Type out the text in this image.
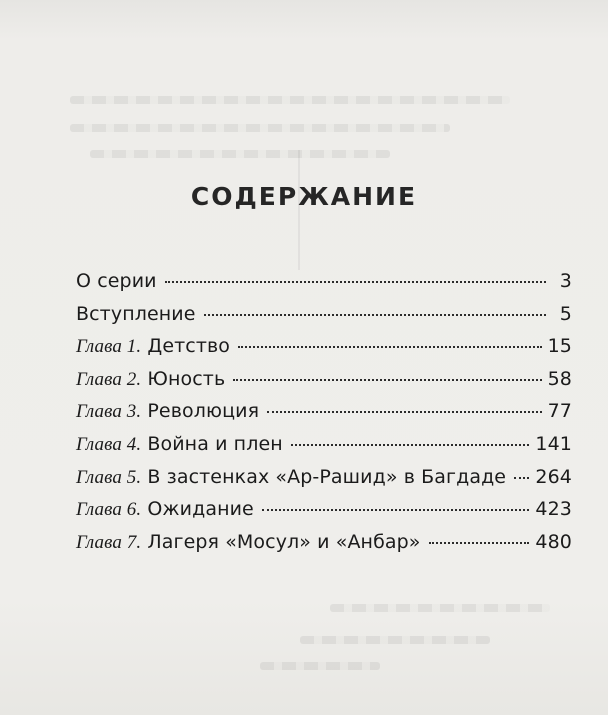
СОДЕРЖАНИЕ
О серии	3
Вступление	5
Глава 1. Детство	15
Глава 2. Юность	58
Глава 3. Революция	77
Глава 4. Война и плен	141
Глава 5. В застенках «Ар-Рашид» в Багдаде 264
Глава 6. Ожидание	423
Глава 7. Лагеря «Мосул» и «Анбар»	480
